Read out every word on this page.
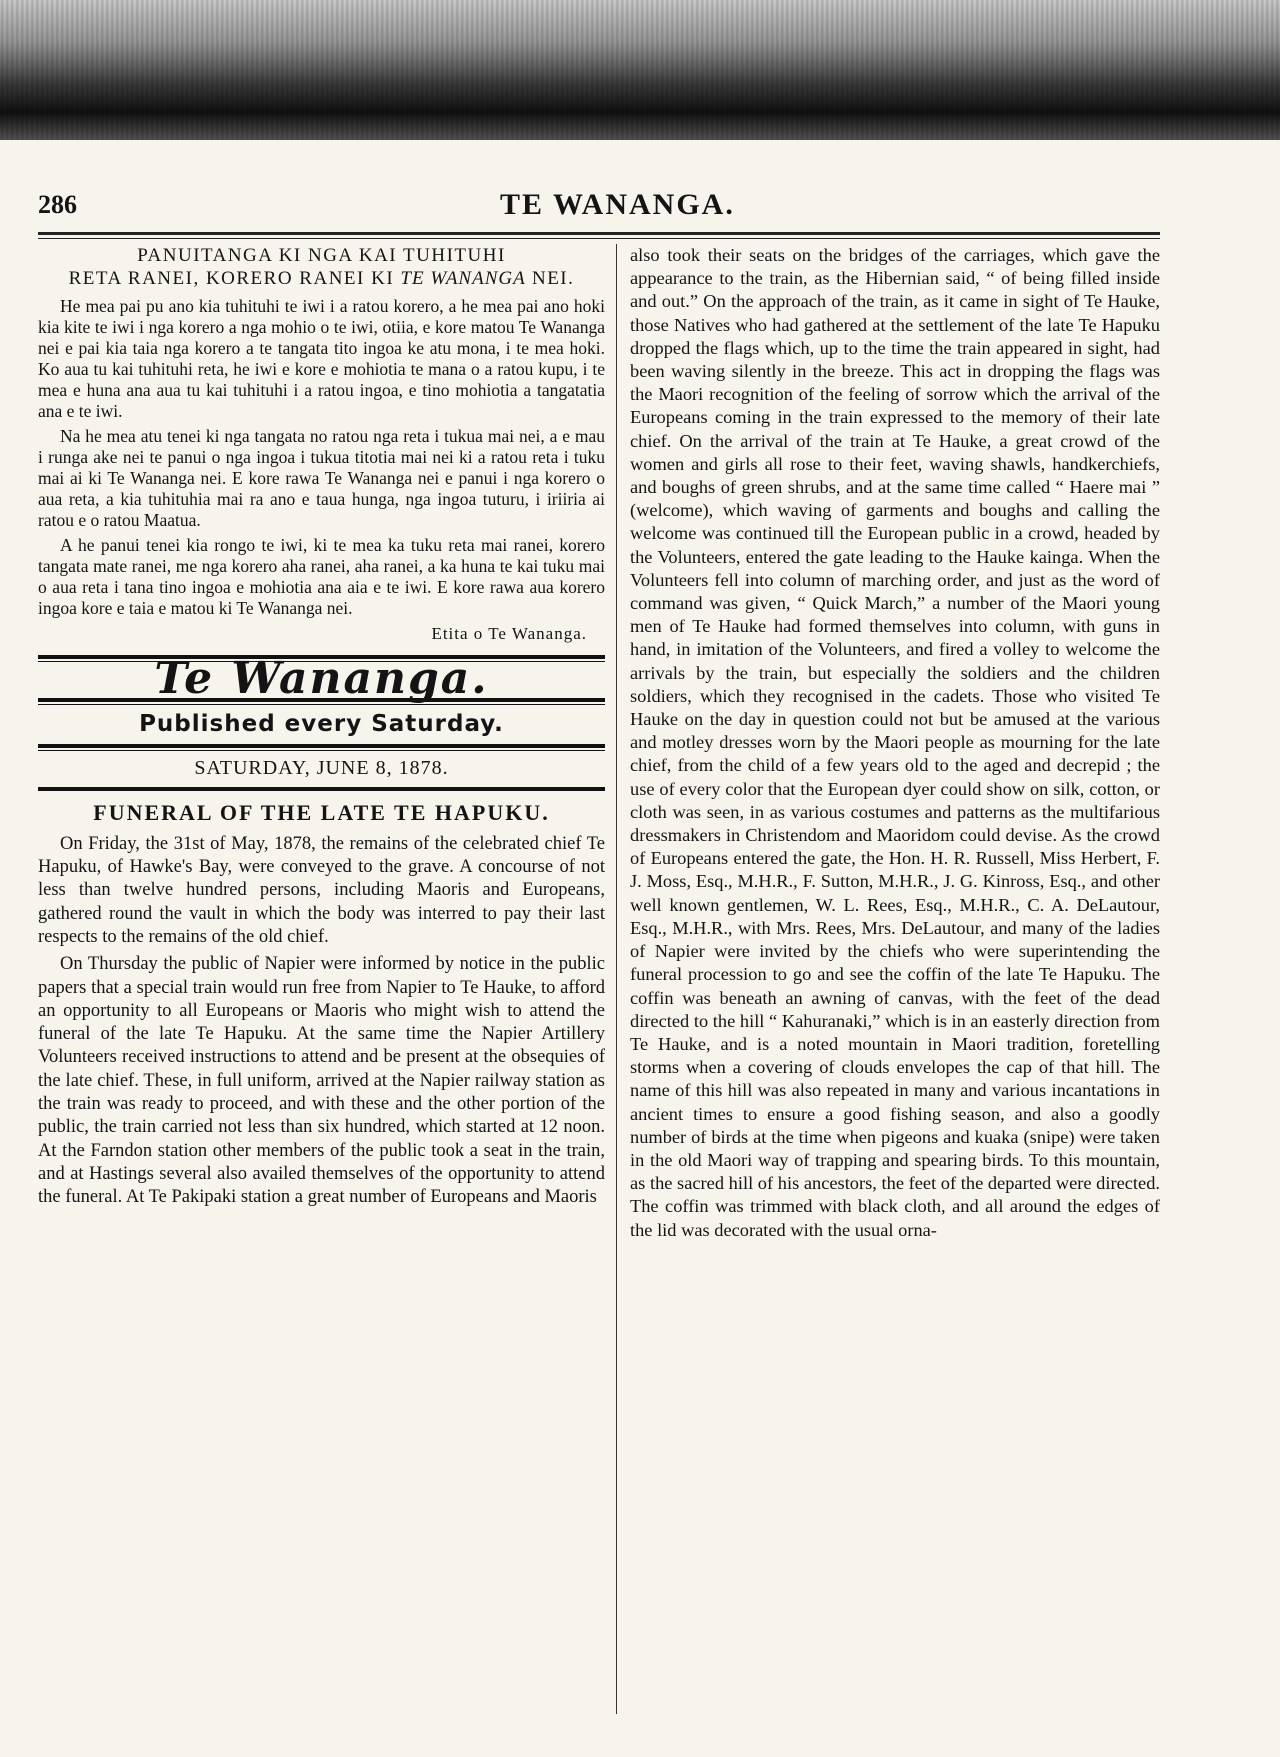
286	TE WANANGA.
PANUITANGA KI NGA KAI TUHITUHI
RETA RANEI, KORERO RANEI KI TE WANANGA NEI.

He mea pai pu ano kia tuhituhi te iwi i a ratou korero, a he mea pai ano hoki kia kite te iwi i nga korero a nga mohio o te iwi, otiia, e kore matou Te Wananga nei e pai kia taia nga korero a te tangata tito ingoa ke atu mona, i te mea hoki. Ko aua tu kai tuhituhi reta, he iwi e kore e mohiotia te mana o a ratou kupu, i te mea e huna ana aua tu kai tuhituhi i a ratou ingoa, e tino mohiotia a tangatatia ana e te iwi.

Na he mea atu tenei ki nga tangata no ratou nga reta i tukua mai nei, a e mau i runga ake nei te panui o nga ingoa i tukua titotia mai nei ki a ratou reta i tuku mai ai ki Te Wananga nei. E kore rawa Te Wananga nei e panui i nga korero o aua reta, a kia tuhituhia mai ra ano e taua hunga, nga ingoa tuturu, i iriiria ai ratou e o ratou Maatua.

A he panui tenei kia rongo te iwi, ki te mea ka tuku reta mai ranei, korero tangata mate ranei, me nga korero aha ranei, aha ranei, a ka huna te kai tuku mai o aua reta i tana tino ingoa e mohiotia ana aia e te iwi. E kore rawa aua korero ingoa kore e taia e matou ki Te Wananga nei.

Etita o Te Wananga.
Te Wananga.
Published every Saturday.
SATURDAY, JUNE 8, 1878.
FUNERAL OF THE LATE TE HAPUKU.

On Friday, the 31st of May, 1878, the remains of the celebrated chief Te Hapuku, of Hawke's Bay, were conveyed to the grave. A concourse of not less than twelve hundred persons, including Maoris and Europeans, gathered round the vault in which the body was interred to pay their last respects to the remains of the old chief.

On Thursday the public of Napier were informed by notice in the public papers that a special train would run free from Napier to Te Hauke, to afford an opportunity to all Europeans or Maoris who might wish to attend the funeral of the late Te Hapuku. At the same time the Napier Artillery Volunteers received instructions to attend and be present at the obsequies of the late chief. These, in full uniform, arrived at the Napier railway station as the train was ready to proceed, and with these and the other portion of the public, the train carried not less than six hundred, which started at 12 noon. At the Farndon station other members of the public took a seat in the train, and at Hastings several also availed themselves of the opportunity to attend the funeral. At Te Pakipaki station a great number of Europeans and Maoris

also took their seats on the bridges of the carriages, which gave the appearance to the train, as the Hibernian said, “ of being filled inside and out.” On the approach of the train, as it came in sight of Te Hauke, those Natives who had gathered at the settlement of the late Te Hapuku dropped the flags which, up to the time the train appeared in sight, had been waving silently in the breeze. This act in dropping the flags was the Maori recognition of the feeling of sorrow which the arrival of the Europeans coming in the train expressed to the memory of their late chief. On the arrival of the train at Te Hauke, a great crowd of the women and girls all rose to their feet, waving shawls, handkerchiefs, and boughs of green shrubs, and at the same time called “ Haere mai ” (welcome), which waving of garments and boughs and calling the welcome was continued till the European public in a crowd, headed by the Volunteers, entered the gate leading to the Hauke kainga. When the Volunteers fell into column of marching order, and just as the word of command was given, “ Quick March,” a number of the Maori young men of Te Hauke had formed themselves into column, with guns in hand, in imitation of the Volunteers, and fired a volley to welcome the arrivals by the train, but especially the soldiers and the children soldiers, which they recognised in the cadets. Those who visited Te Hauke on the day in question could not but be amused at the various and motley dresses worn by the Maori people as mourning for the late chief, from the child of a few years old to the aged and decrepid ; the use of every color that the European dyer could show on silk, cotton, or cloth was seen, in as various costumes and patterns as the multifarious dressmakers in Christendom and Maoridom could devise. As the crowd of Europeans entered the gate, the Hon. H. R. Russell, Miss Herbert, F. J. Moss, Esq., M.H.R., F. Sutton, M.H.R., J. G. Kinross, Esq., and other well known gentlemen, W. L. Rees, Esq., M.H.R., C. A. DeLautour, Esq., M.H.R., with Mrs. Rees, Mrs. DeLautour, and many of the ladies of Napier were invited by the chiefs who were superintending the funeral procession to go and see the coffin of the late Te Hapuku. The coffin was beneath an awning of canvas, with the feet of the dead directed to the hill “ Kahuranaki,” which is in an easterly direction from Te Hauke, and is a noted mountain in Maori tradition, foretelling storms when a covering of clouds envelopes the cap of that hill. The name of this hill was also repeated in many and various incantations in ancient times to ensure a good fishing season, and also a goodly number of birds at the time when pigeons and kuaka (snipe) were taken in the old Maori way of trapping and spearing birds. To this mountain, as the sacred hill of his ancestors, the feet of the departed were directed. The coffin was trimmed with black cloth, and all around the edges of the lid was decorated with the usual orna-
